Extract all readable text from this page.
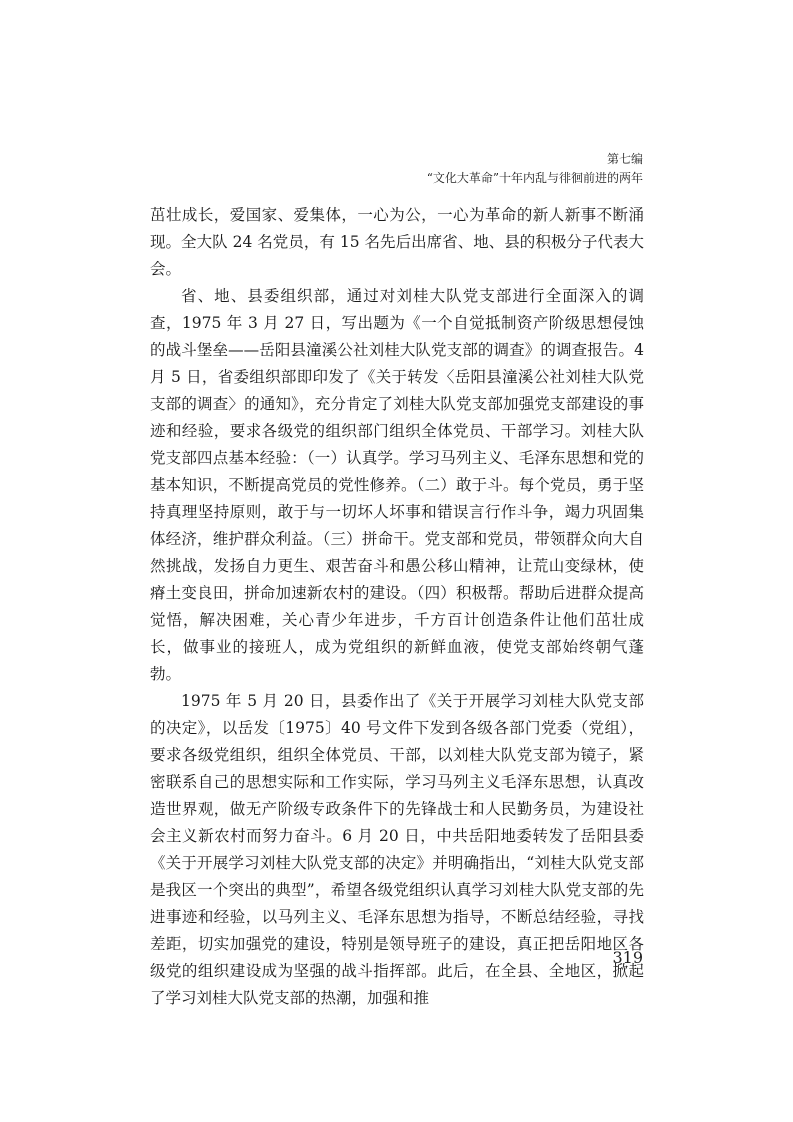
第七编
“文化大革命”十年内乱与徘徊前进的两年

茁壮成长，爱国家、爱集体，一心为公，一心为革命的新人新事不断涌现。全大队 24 名党员，有 15 名先后出席省、地、县的积极分子代表大会。

省、地、县委组织部，通过对刘桂大队党支部进行全面深入的调查，1975 年 3 月 27 日，写出题为《一个自觉抵制资产阶级思想侵蚀的战斗堡垒——岳阳县潼溪公社刘桂大队党支部的调查》的调查报告。4 月 5 日，省委组织部即印发了《关于转发〈岳阳县潼溪公社刘桂大队党支部的调查〉的通知》，充分肯定了刘桂大队党支部加强党支部建设的事迹和经验，要求各级党的组织部门组织全体党员、干部学习。刘桂大队党支部四点基本经验：（一）认真学。学习马列主义、毛泽东思想和党的基本知识，不断提高党员的党性修养。（二）敢于斗。每个党员，勇于坚持真理坚持原则，敢于与一切坏人坏事和错误言行作斗争，竭力巩固集体经济，维护群众利益。（三）拼命干。党支部和党员，带领群众向大自然挑战，发扬自力更生、艰苦奋斗和愚公移山精神，让荒山变绿林，使瘠土变良田，拼命加速新农村的建设。（四）积极帮。帮助后进群众提高觉悟，解决困难，关心青少年进步，千方百计创造条件让他们茁壮成长，做事业的接班人，成为党组织的新鲜血液，使党支部始终朝气蓬勃。

1975 年 5 月 20 日，县委作出了《关于开展学习刘桂大队党支部的决定》，以岳发〔1975〕40 号文件下发到各级各部门党委（党组），要求各级党组织，组织全体党员、干部，以刘桂大队党支部为镜子，紧密联系自己的思想实际和工作实际，学习马列主义毛泽东思想，认真改造世界观，做无产阶级专政条件下的先锋战士和人民勤务员，为建设社会主义新农村而努力奋斗。6 月 20 日，中共岳阳地委转发了岳阳县委《关于开展学习刘桂大队党支部的决定》并明确指出，“刘桂大队党支部是我区一个突出的典型”，希望各级党组织认真学习刘桂大队党支部的先进事迹和经验，以马列主义、毛泽东思想为指导，不断总结经验，寻找差距，切实加强党的建设，特别是领导班子的建设，真正把岳阳地区各级党的组织建设成为坚强的战斗指挥部。此后，在全县、全地区，掀起了学习刘桂大队党支部的热潮，加强和推

319
